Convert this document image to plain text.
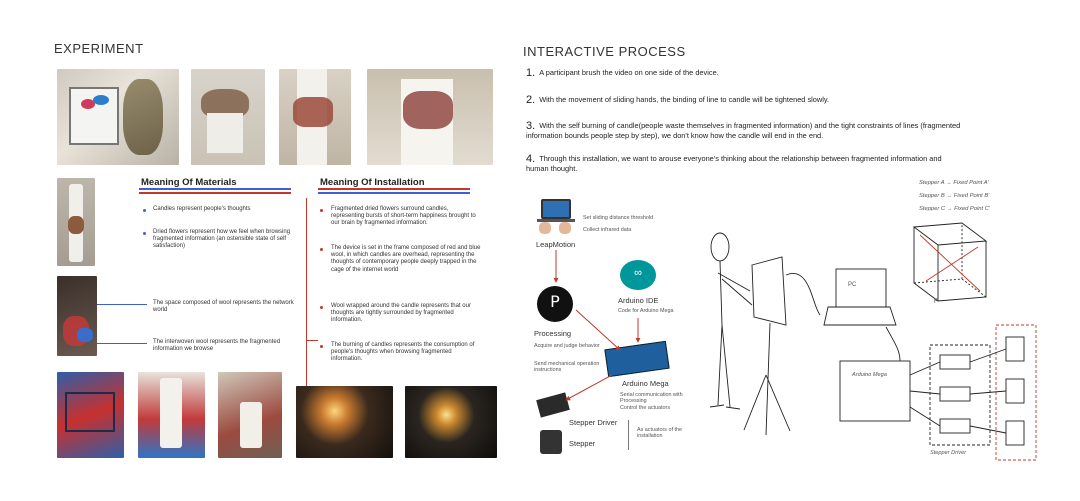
EXPERIMENT
Meaning Of Materials
Candles represent people's thoughts
Dried flowers represent how we feel when browsing fragmented information (an ostensible state of self satisfaction)
The space composed of wool represents the network world
The interwoven wool represents the fragmented information we browse
Meaning Of Installation
Fragmented dried flowers surround candles, representing bursts of short-term happiness brought to our brain by fragmented information.
The device is set in the frame composed of red and blue wool, in which candles are overhead, representing the thoughts of contemporary people deeply trapped in the cage of the internet world
Wool wrapped around the candle represents that our thoughts are tightly surrounded by fragmented information.
The burning of candles represents the consumption of people's thoughts when browsing fragmented information.
INTERACTIVE PROCESS
1. A participant brush the video on one side of the device.
2. With the movement of sliding hands, the binding of line to candle will be tightened slowly.
3. With the self burning of candle(people waste themselves in fragmented information) and the tight constraints of lines (fragmented information bounds people step by step), we don't know how the candle will end in the end.
4. Through this installation, we want to arouse everyone's thinking about the relationship between fragmented information and human thought.
LeapMotion
Set sliding distance threshold
Collect infrared data
P
Processing
Acquire and judge behavior
Send mechanical operation instructions
∞
Arduino IDE
Code for Arduino Mega
Arduino Mega
Serial communication with Processing
Control the actuators
Stepper Driver
Stepper
As actuators of the installation
F
Stepper A → Fixed Point A'
Stepper B → Fixed Point B'
Stepper C → Fixed Point C'
PC
Arduino Mega
Stepper Driver
